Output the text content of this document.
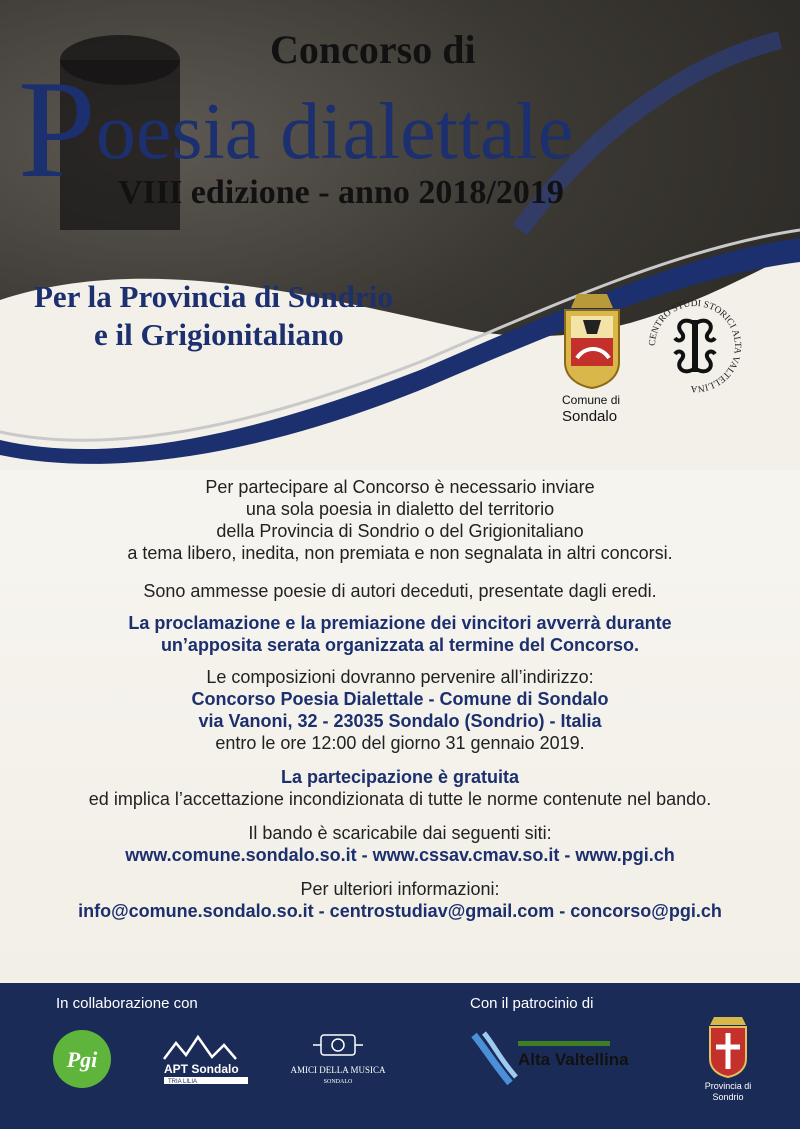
Concorso di
Poesia dialettale
VIII edizione - anno 2018/2019
Per la Provincia di Sondrio
e il Grigionitaliano
Comune di
Sondalo
CENTRO STUDI STORICI ALTA VALTELLINA

Per partecipare al Concorso è necessario inviare

una sola poesia in dialetto del territorio

della Provincia di Sondrio o del Grigionitaliano

a tema libero, inedita, non premiata e non segnalata in altri concorsi.

Sono ammesse poesie di autori deceduti, presentate dagli eredi.

La proclamazione e la premiazione dei vincitori avverrà durante

un’apposita serata organizzata al termine del Concorso.

Le composizioni dovranno pervenire all’indirizzo:

Concorso Poesia Dialettale - Comune di Sondalo

via Vanoni, 32 - 23035 Sondalo (Sondrio) - Italia

entro le ore 12:00 del giorno 31 gennaio 2019.

La partecipazione è gratuita

ed implica l’accettazione incondizionata di tutte le norme contenute nel bando.

Il bando è scaricabile dai seguenti siti:

www.comune.sondalo.so.it - www.cssav.cmav.so.it - www.pgi.ch

Per ulteriori informazioni:

info@comune.sondalo.so.it - centrostudiav@gmail.com - concorso@pgi.ch

In collaborazione con	Con il patrocinio di
Pgi	APT Sondalo
TRIA LILIA
AMICI DELLA MUSICA
SONDALO
Alta Valtellina
Provincia di
Sondrio
